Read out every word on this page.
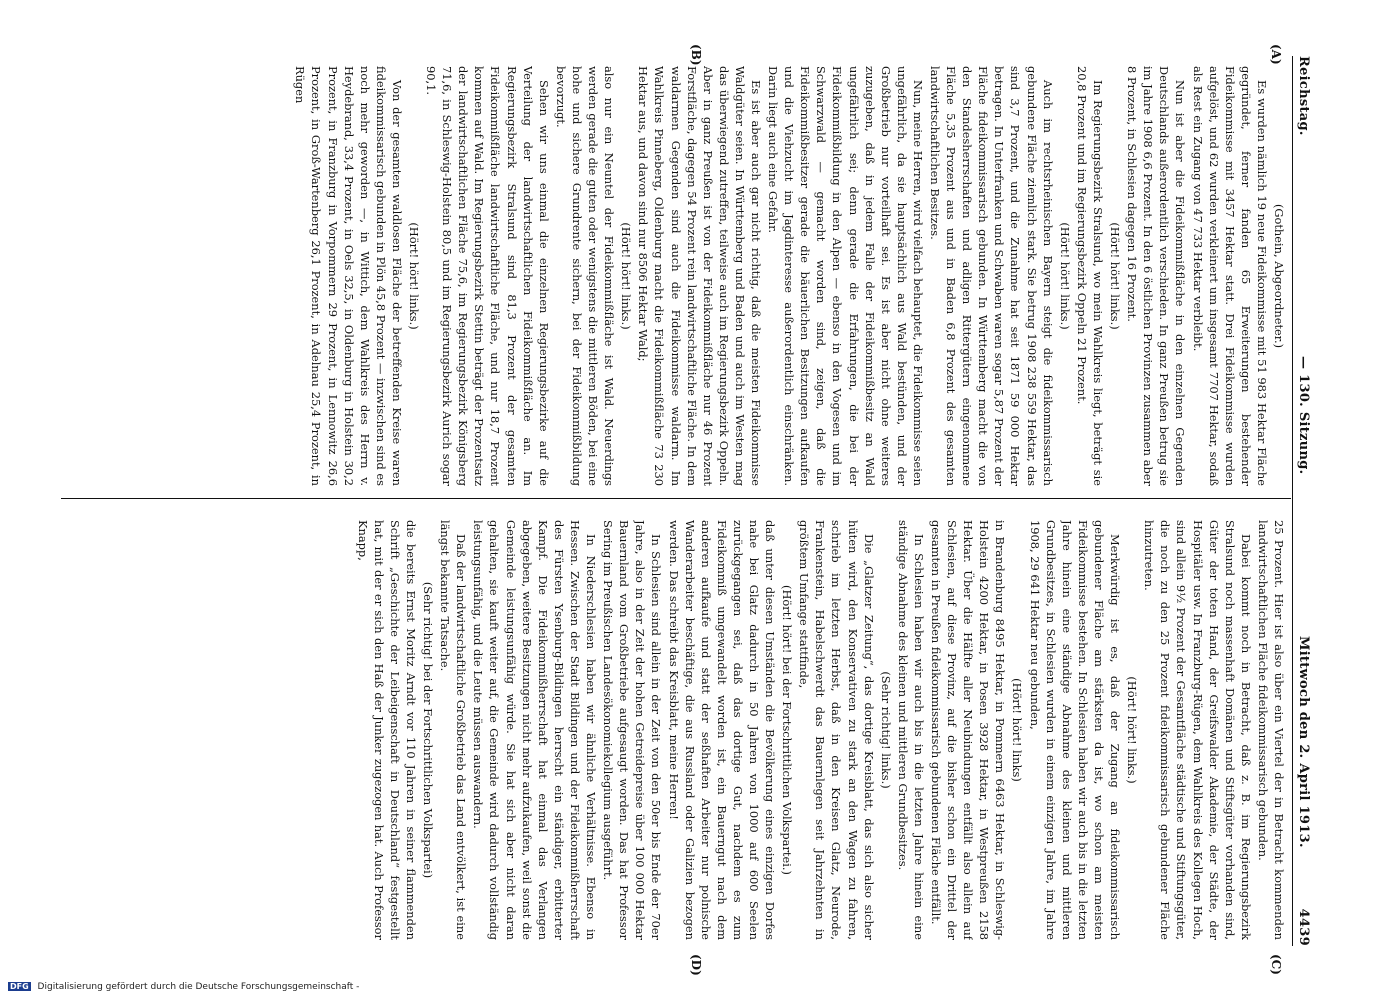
Reichstag.
— 130. Sitzung.
Mittwoch den 2. April 1913.
4439
(A)
(B)
(C)
(D)

(Gothein, Abgeordneter.)

Es wurden nämlich 19 neue Fideikommisse mit 51 983 Hektar Fläche gegründet, ferner fanden 65 Erweiterungen bestehender Fideikommisse mit 3457 Hektar statt. Drei Fideikommisse wurden aufgelöst, und 62 wurden verkleinert um insgesamt 7707 Hektar, sodaß als Rest ein Zugang von 47 733 Hektar verbleibt.

Nun ist aber die Fideikommißfläche in den einzelnen Gegenden Deutschlands außerordentlich verschieden. In ganz Preußen betrug sie im Jahre 1908 6,6 Prozent. In den 6 östlichen Provinzen zusammen aber 8 Prozent, in Schlesien dagegen 16 Prozent.

(Hört! hört! links.)

Im Regierungsbezirk Stralsund, wo mein Wahlkreis liegt, beträgt sie 20,8 Prozent und im Regierungsbezirk Oppeln 21 Prozent.

(Hört! hört! links.)

Auch im rechtsrheinischen Bayern steigt die fideikommissarisch gebundene Fläche ziemlich stark. Sie betrug 1908 238 559 Hektar, das sind 3,7 Prozent, und die Zunahme hat seit 1871 59 000 Hektar betragen. In Unterfranken und Schwaben waren sogar 5,87 Prozent der Fläche fideikommissarisch gebunden. In Württemberg macht die von den Standesherrschaften und adligen Rittergütern eingenommene Fläche 5,35 Prozent aus und in Baden 6,8 Prozent des gesamten landwirtschaftlichen Besitzes.

Nun, meine Herren, wird vielfach behauptet, die Fideikommisse seien ungefährlich, da sie hauptsächlich aus Wald bestünden, und der Großbetrieb nur vorteilhaft sei. Es ist aber nicht ohne weiteres zuzugeben, daß in jedem Falle der Fideikommißbesitz an Wald ungefährlich sei; denn gerade die Erfahrungen, die bei der Fideikommißbildung in den Alpen — ebenso in den Vogesen und im Schwarzwald — gemacht worden sind, zeigen, daß die Fideikommißbesitzer gerade die bäuerlichen Besitzungen aufkaufen und die Viehzucht im Jagdinteresse außerordentlich einschränken. Darin liegt auch eine Gefahr.

Es ist aber auch gar nicht richtig, daß die meisten Fideikommisse Waldgüter seien. In Württemberg und Baden und auch im Westen mag das überwiegend zutreffen, teilweise auch im Regierungsbezirk Oppeln. Aber in ganz Preußen ist von der Fideikommißfläche nur 46 Prozent Forstfläche, dagegen 54 Prozent rein landwirtschaftliche Fläche. In dem waldarmen Gegenden sind auch die Fideikommisse waldarm. Im Wahlkreis Pinneberg, Oldenburg macht die Fideikommißfläche 73 230 Hektar aus, und davon sind nur 8506 Hektar Wald;

(Hört! hört! links.)

also nur ein Neuntel der Fideikommißfläche ist Wald. Neuerdings werden gerade die guten oder wenigstens die mittleren Böden, bei eine hohe und sichere Grundrente sichern, bei der Fideikommißbildung bevorzugt.

Sehen wir uns einmal die einzelnen Regierungsbezirke auf die Verteilung der landwirtschaftlichen Fideikommißfläche an. Im Regierungsbezirk Stralsund sind 81,3 Prozent der gesamten Fideikommißfläche landwirtschaftliche Fläche, und nur 18,7 Prozent kommen auf Wald. Im Regierungsbezirk Stettin beträgt der Prozentsatz der landwirtschaftlichen Fläche 75,6, im Regierungsbezirk Königsberg 71,6, in Schleswig-Holstein 80,5 und im Regierungsbezirk Aurich sogar 90,1.

(Hört! hört! links.)

Von der gesamten waldlosen Fläche der betreffenden Kreise waren fideikommissarisch gebunden in Plön 45,8 Prozent — inzwischen sind es noch mehr geworden —, in Wittich, dem Wahlkreis des Herrn v. Heydebrand, 33,4 Prozent, in Oels 32,5, in Oldenburg in Holstein 30,2 Prozent, in Franzburg in Vorpommern 29 Prozent, in Lennowitz 26,6 Prozent, in Groß-Wartenberg 26,1 Prozent, in Adelnau 25,4 Prozent, in Rügen

25 Prozent. Hier ist also über ein Viertel der in Betracht kommenden landwirtschaftlichen Fläche fideikommissarisch gebunden.

Dabei kommt noch in Betracht, daß z. B. im Regierungsbezirk Stralsund noch massenhaft Domänen und Stiftsgüter vorhanden sind, Güter der toten Hand, der Greifswalder Akademie, der Städte, der Hospitäler usw. In Franzburg-Rügen, dem Wahlkreis des Kollegen Hoch, sind allein 9½ Prozent der Gesamtfläche städtische und Stiftungsgüter, die noch zu den 25 Prozent fideikommissarisch gebundener Fläche hinzutreten.

(Hört! hört! links.)

Merkwürdig ist es, daß der Zugang an fideikommissarisch gebundener Fläche am stärksten da ist, wo schon am meisten Fideikommisse bestehen. In Schlesien haben wir auch bis in die letzten Jahre hinein eine ständige Abnahme des kleinen und mittleren Grundbesitzes, in Schlesien wurden in einem einzigen Jahre, im Jahre 1908, 29 641 Hektar neu gebunden,

(Hört! hört! links)

in Brandenburg 8495 Hektar, in Pommern 6463 Hektar, in Schleswig-Holstein 4200 Hektar, in Posen 3928 Hektar, in Westpreußen 2158 Hektar. Über die Hälfte aller Neubindungen entfällt also allein auf Schlesien, auf diese Provinz, auf die bisher schon ein Drittel der gesamten in Preußen fideikommissarisch gebundenen Fläche entfällt.

In Schlesien haben wir auch bis in die letzten Jahre hinein eine ständige Abnahme des kleinen und mittleren Grundbesitzes.

(Sehr richtig! links.)

Die „Glatzer Zeitung“, das dortige Kreisblatt, das sich also sicher hüten wird, den Konservativen zu stark an den Wagen zu fahren, schrieb im letzten Herbst, daß in den Kreisen Glatz, Neurode, Frankenstein, Habelschwerdt das Bauernlegen seit Jahrzehnten in größtem Umfange stattfinde,

(Hört! hört! bei der Fortschrittlichen Volkspartei.)

daß unter diesen Umständen die Bevölkerung eines einzigen Dorfes nahe bei Glatz dadurch in 50 Jahren von 1000 auf 600 Seelen zurückgegangen sei, daß das dortige Gut, nachdem es zum Fideikommiß umgewandelt worden ist, ein Bauerngut nach dem anderen aufkaufe und statt der seßhaften Arbeiter nur polnische Wanderarbeiter beschäftige, die aus Russland oder Galizien bezogen werden. Das schreibt das Kreisblatt, meine Herren!

In Schlesien sind allein in der Zeit von den 50er bis Ende der 70er Jahre, also in der Zeit der hohen Getreidepreise über 100 000 Hektar Bauernland vom Großbetriebe aufgesaugt worden. Das hat Professor Sering im Preußischen Landesökonomiekollegium ausgeführt.

In Niederschlesien haben wir ähnliche Verhältnisse. Ebenso in Hessen. Zwischen der Stadt Bildingen und der Fideikommißherrschaft des Fürsten Ysenburg-Bildingen herrscht ein ständiger, erbitterter Kampf. Die Fideikommißherrschaft hat einmal das Verlangen abgegeben, weitere Besitzungen nicht mehr aufzukaufen, weil sonst die Gemeinde leistungsunfähig würde. Sie hat sich aber nicht daran gehalten, sie kauft weiter auf, die Gemeinde wird dadurch vollständig leistungsunfähig, und die Leute müssen auswandern.

Daß der landwirtschaftliche Großbetrieb das Land entvölkert, ist eine längst bekannte Tatsache.

(Sehr richtig! bei der Fortschrittlichen Volkspartei)

die bereits Ernst Moritz Arndt vor 110 Jahren in seiner flammenden Schrift „Geschichte der Leibeigenschaft in Deutschland“ festgestellt hat, mit der er sich den Haß der Junker zugezogen hat. Auch Professor Knapp,

DFG Digitalisierung gefördert durch die Deutsche Forschungsgemeinschaft -
